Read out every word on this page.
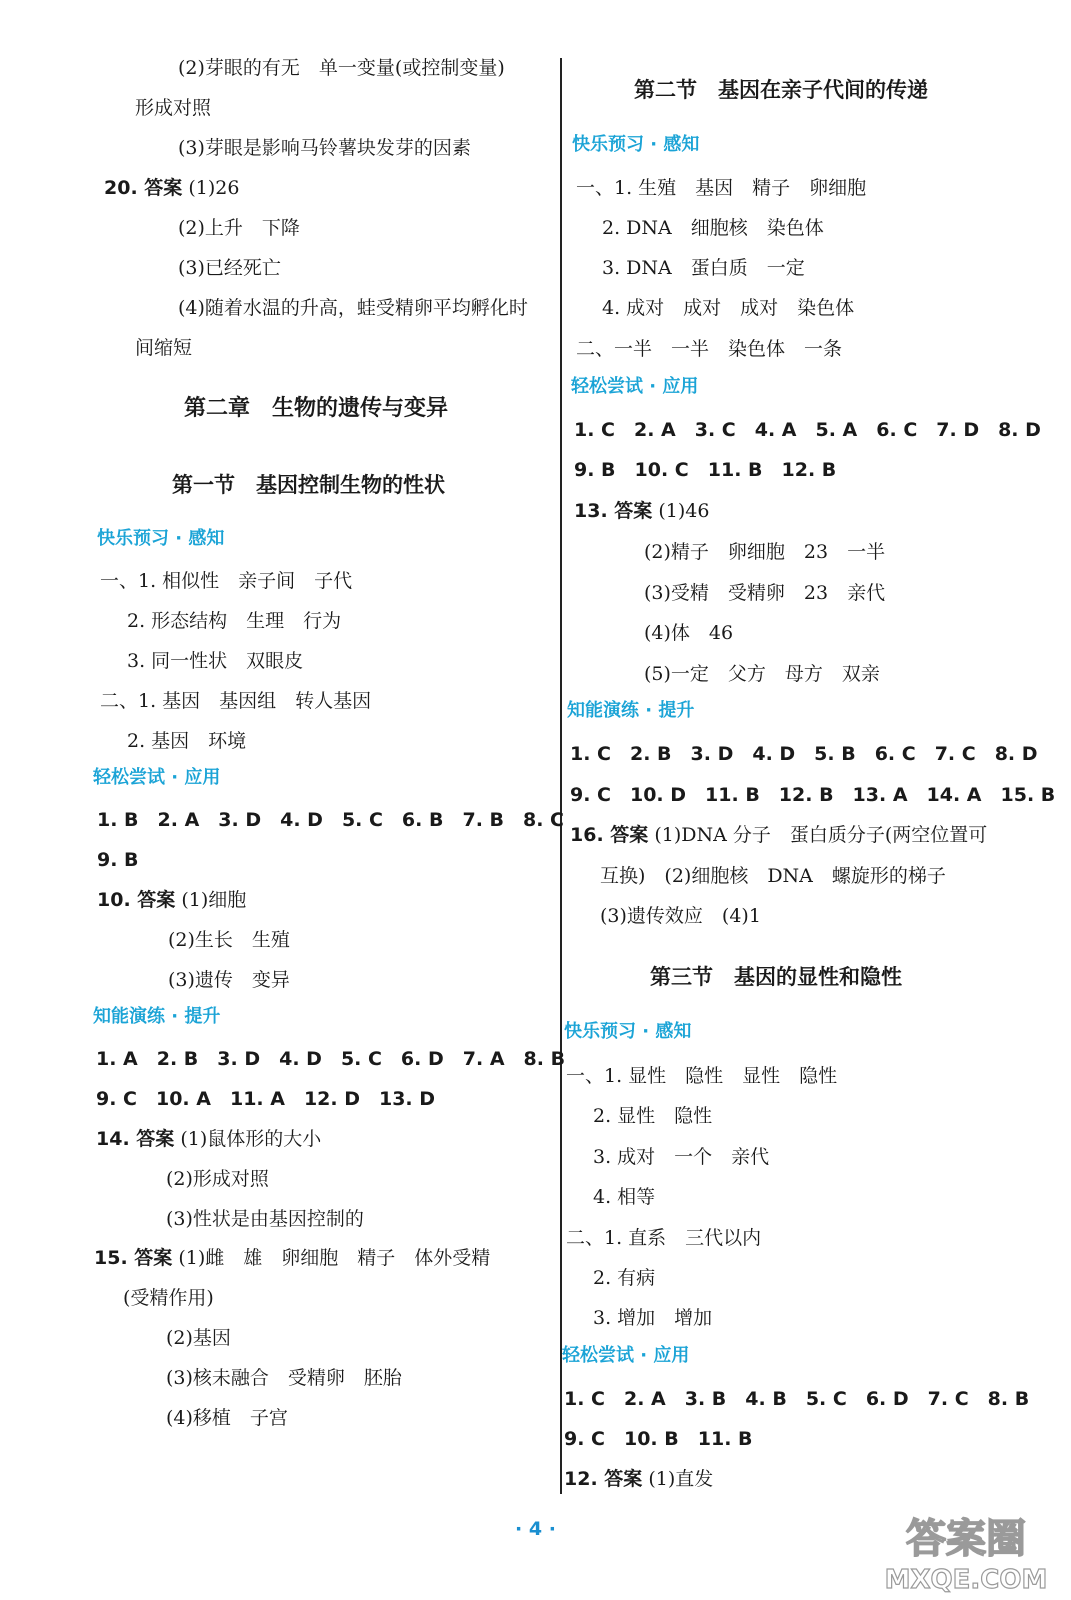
(2)芽眼的有无　单一变量(或控制变量)
形成对照
(3)芽眼是影响马铃薯块发芽的因素
20. 答案 (1)26
(2)上升　下降
(3)已经死亡
(4)随着水温的升高，蛙受精卵平均孵化时
间缩短
第二章　生物的遗传与变异
第一节　基因控制生物的性状
快乐预习 · 感知
一、1. 相似性　亲子间　子代
2. 形态结构　生理　行为
3. 同一性状　双眼皮
二、1. 基因　基因组　转人基因
2. 基因　环境
轻松尝试 · 应用
1. B　2. A　3. D　4. D　5. C　6. B　7. B　8. C
9. B
10. 答案 (1)细胞
(2)生长　生殖
(3)遗传　变异
知能演练 · 提升
1. A　2. B　3. D　4. D　5. C　6. D　7. A　8. B
9. C　10. A　11. A　12. D　13. D
14. 答案 (1)鼠体形的大小
(2)形成对照
(3)性状是由基因控制的
15. 答案 (1)雌　雄　卵细胞　精子　体外受精
(受精作用)
(2)基因
(3)核未融合　受精卵　胚胎
(4)移植　子宫
第二节　基因在亲子代间的传递
快乐预习 · 感知
一、1. 生殖　基因　精子　卵细胞
2. DNA　细胞核　染色体
3. DNA　蛋白质　一定
4. 成对　成对　成对　染色体
二、一半　一半　染色体　一条
轻松尝试 · 应用
1. C　2. A　3. C　4. A　5. A　6. C　7. D　8. D
9. B　10. C　11. B　12. B
13. 答案 (1)46
(2)精子　卵细胞　23　一半
(3)受精　受精卵　23　亲代
(4)体　46
(5)一定　父方　母方　双亲
知能演练 · 提升
1. C　2. B　3. D　4. D　5. B　6. C　7. C　8. D
9. C　10. D　11. B　12. B　13. A　14. A　15. B
16. 答案 (1)DNA 分子　蛋白质分子(两空位置可
互换)　(2)细胞核　DNA　螺旋形的梯子
(3)遗传效应　(4)1
第三节　基因的显性和隐性
快乐预习 · 感知
一、1. 显性　隐性　显性　隐性
2. 显性　隐性
3. 成对　一个　亲代
4. 相等
二、1. 直系　三代以内
2. 有病
3. 增加　增加
轻松尝试 · 应用
1. C　2. A　3. B　4. B　5. C　6. D　7. C　8. B
9. C　10. B　11. B
12. 答案 (1)直发
· 4 ·	答案圈
MXQE.COM
